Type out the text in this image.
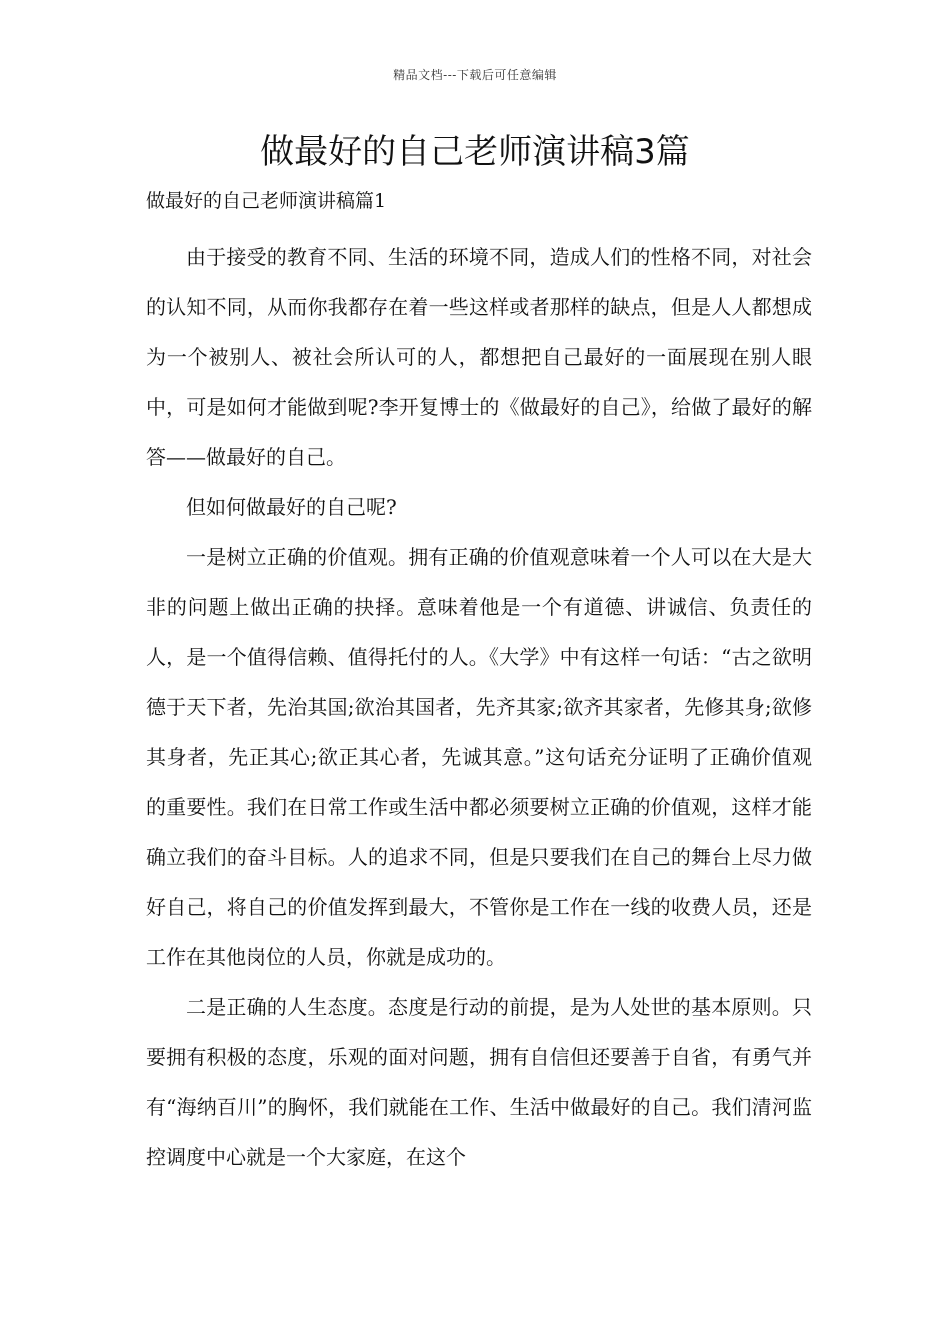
精品文档---下载后可任意编辑
做最好的自己老师演讲稿3篇
做最好的自己老师演讲稿篇1

由于接受的教育不同、生活的环境不同，造成人们的性格不同，对社会的认知不同，从而你我都存在着一些这样或者那样的缺点，但是人人都想成为一个被别人、被社会所认可的人，都想把自己最好的一面展现在别人眼中，可是如何才能做到呢?李开复博士的《做最好的自己》，给做了最好的解答——做最好的自己。

但如何做最好的自己呢?

一是树立正确的价值观。拥有正确的价值观意味着一个人可以在大是大非的问题上做出正确的抉择。意味着他是一个有道德、讲诚信、负责任的人，是一个值得信赖、值得托付的人。《大学》中有这样一句话：“古之欲明德于天下者，先治其国;欲治其国者，先齐其家;欲齐其家者，先修其身;欲修其身者，先正其心;欲正其心者，先诚其意。”这句话充分证明了正确价值观的重要性。我们在日常工作或生活中都必须要树立正确的价值观，这样才能确立我们的奋斗目标。人的追求不同，但是只要我们在自己的舞台上尽力做好自己，将自己的价值发挥到最大，不管你是工作在一线的收费人员，还是工作在其他岗位的人员，你就是成功的。

二是正确的人生态度。态度是行动的前提，是为人处世的基本原则。只要拥有积极的态度，乐观的面对问题，拥有自信但还要善于自省，有勇气并有“海纳百川”的胸怀，我们就能在工作、生活中做最好的自己。我们清河监控调度中心就是一个大家庭，在这个
